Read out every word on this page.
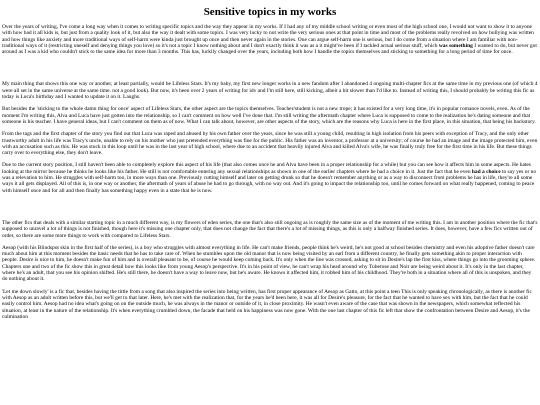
Sensitive topics in my works

Over the years of writing, I've come a long way when it comes to writing specific topics and the way they appear in my works. If I had any of my middle school writing or even most of the high school one, I would not want to show it to anyone with how bad it all kids is, but just from a quality look of it, but also the way it dealt with some topics. I was very lucky to not write the very serious ones at that point in time and most of the problems really revolved on how bullying was written and how things like anxiety and more traditional ways of self-harm were kinda just brought up once and then never again in the stories. One can argue self-harm one is serious, but I do come from a situation where I am familiar with non-traditional ways of it (restricting oneself and denying things you love) so it's not a topic I know nothing about and I don't exactly think it was as a it might've been if I tackled actual serious stuff, which was something I wanted to do, but never got around as I was a kid who couldn't stick to the same idea for more than 3 months. This has, luckily changed over the years, including both how I handle the topics themselves and sticking to something for a long period of time for once.

My main thing that shows this one way or another, at least partially, would be Lifeless Stars. It's my baby, my first new longer works in a new fandom after I abandoned 4 ongoing multi-chapter fics at the same time in my previous one (of which 4 were all set in the same universe at the same time. not a good look). But now, it's been over 2 years of writing for idv and I'm still here, still kicking, albeit a bit slower than I'd like to. Instead of writing this, I should probably be writing this fic as today is Luca's birthday and I wanted to update it on it. Laughs.

But besides the 'sticking to the whole damn thing for once' aspect of Lifeless Stars, the other aspect are the topics themselves. Teacher/student is not a new trope; it has existed for a very long time, it's in popular romance novels, even. As of the moment I'm writing this, Alva and Luca have just gotten into the relationship, so I can't comment on how well I've done that. I'm still writing the aftermath chapter where Luca is supposed to come to the realization he's dating someone and that someone is his teacher. I have general ideas, but I can't comment on them as of now. What I can talk about, however, are other aspects of the story, which are the reasons why Luca is here in the first place, in this situation, that being his backstory.

From the tags and the first chapter of the story you find out that Luca was raped and abused by his own father over the years, since he was still a young child, resulting in high isolation from his peers with exception of Tracy, and the only other trustworthy adult in his life was Tracy's uncle, unable to rely on his mother who just pretended everything was fine for the public. His father was an inventor, a professor at a university; of course he had an image and the image protected him, even with an accusation such as this. He was stuck in this loop until he was in the last year of high school, where due to an accident that heavily injured Alva and killed Alva's wife, he was finally truly free for the first time in his life. But these things carry over to everything else, they don't leave.

Due to the current story position, I still haven't been able to completely explore this aspect of his life (that also comes once he and Alva have been in a proper relationship for a while) but you can see how it affects him in some aspects. He hates looking at the mirror because he thinks he looks like his father. He still is not comfortable entering any sexual relationships as shown in one of the earlier chapters where he had a choice in it. Just the fact that he even had a choice to say yes or no was a relevation to him. He struggles with self-harm too, in more ways than one. Previously cutting himself and later on getting drunk so that he doesn't remember anything or as a way to disconnect from problems he has in life, they're all some ways it all gets displayed. All of this is, in one way or another, the aftermath of years of abuse he had to go through, with no way out. And it's going to impact the relationship too, until he comes forward on what really happened, coming to peace with himself once and for all and then finally has something happy even in a state that he is now.

The other fics that deals with a similar starting topic in a much different way, is my flowers of eden series, the one that's also still ongoing as is roughly the same size as of the moment of me writing this. I am in another position where the fic that's supposed to unravel a lot of things is not finished, though here it's missing one chapter only, that does not change the fact that there's a lot of missing things, as this is only a halfway finished series. It does, however, have a few fics written out of order, so there are some more things to work with compared to Lifeless Stars.

Aesop (with his Blindspot skin in the first half of the series), is a boy who struggles with almost everything in life. He can't make friends, people think he's weird, he's not good at school besides chemistry and even his adoptive father doesn't care much about him at this moment besides the basic needs that he has to take care of. When he stumbles upon the old manor that is now being visited by an earl from a different country, he finally gets something akin to proper interaction with people. Desire is nice to him, he doesn't make fun of him and is overall pleasant to be, of course he would keep coming back. It's only when the line was crossed, asking to sit in Desire's lap the first kiss, where things go into the grooming sphere. Chapters one and two of the fic show this in great detail how this looks like from young Aesop's perspective. It's in his point of view, he can't wrap his head around why Tuberose and Noir are being weird about it. It's only in the last chapter, where he's an adult, that you see his opinion shifted. He's still there, he doesn't have a way to leave now, but he's aware. He knows it affected him, it robbed him of his childhood. They're both in a situation where all of this is unspoken, and they do nothing about it.

'Let me down slowly' is a fic that, besides having the tittle from a song that also inspired the series into being written, has first proper appearance of Aesop as Gatto, at this point a teen This is only speaking chronologically, as there is another fic with Aesop as an adult written before this, but we'll get to that later. Here, he's met with the realization that, for the years he'd been here, it was all for Desire's pleasure, for the fact that he wanted to have sex with him, but the fact that he could easily control him. Aesop had no idea what's going on on the outside much, he was always in the manor or outside of it, in close proximity. He wasn't even aware of the case that was shown in the newspapers, which somewhat reflected his situation, at least in the nature of the relationship. It's when everything crumbled down, the facade that held on his happiness was now gone. With the one last chapter of this fic left that show the confrontation between Desire and Aesop, it's the culmination
